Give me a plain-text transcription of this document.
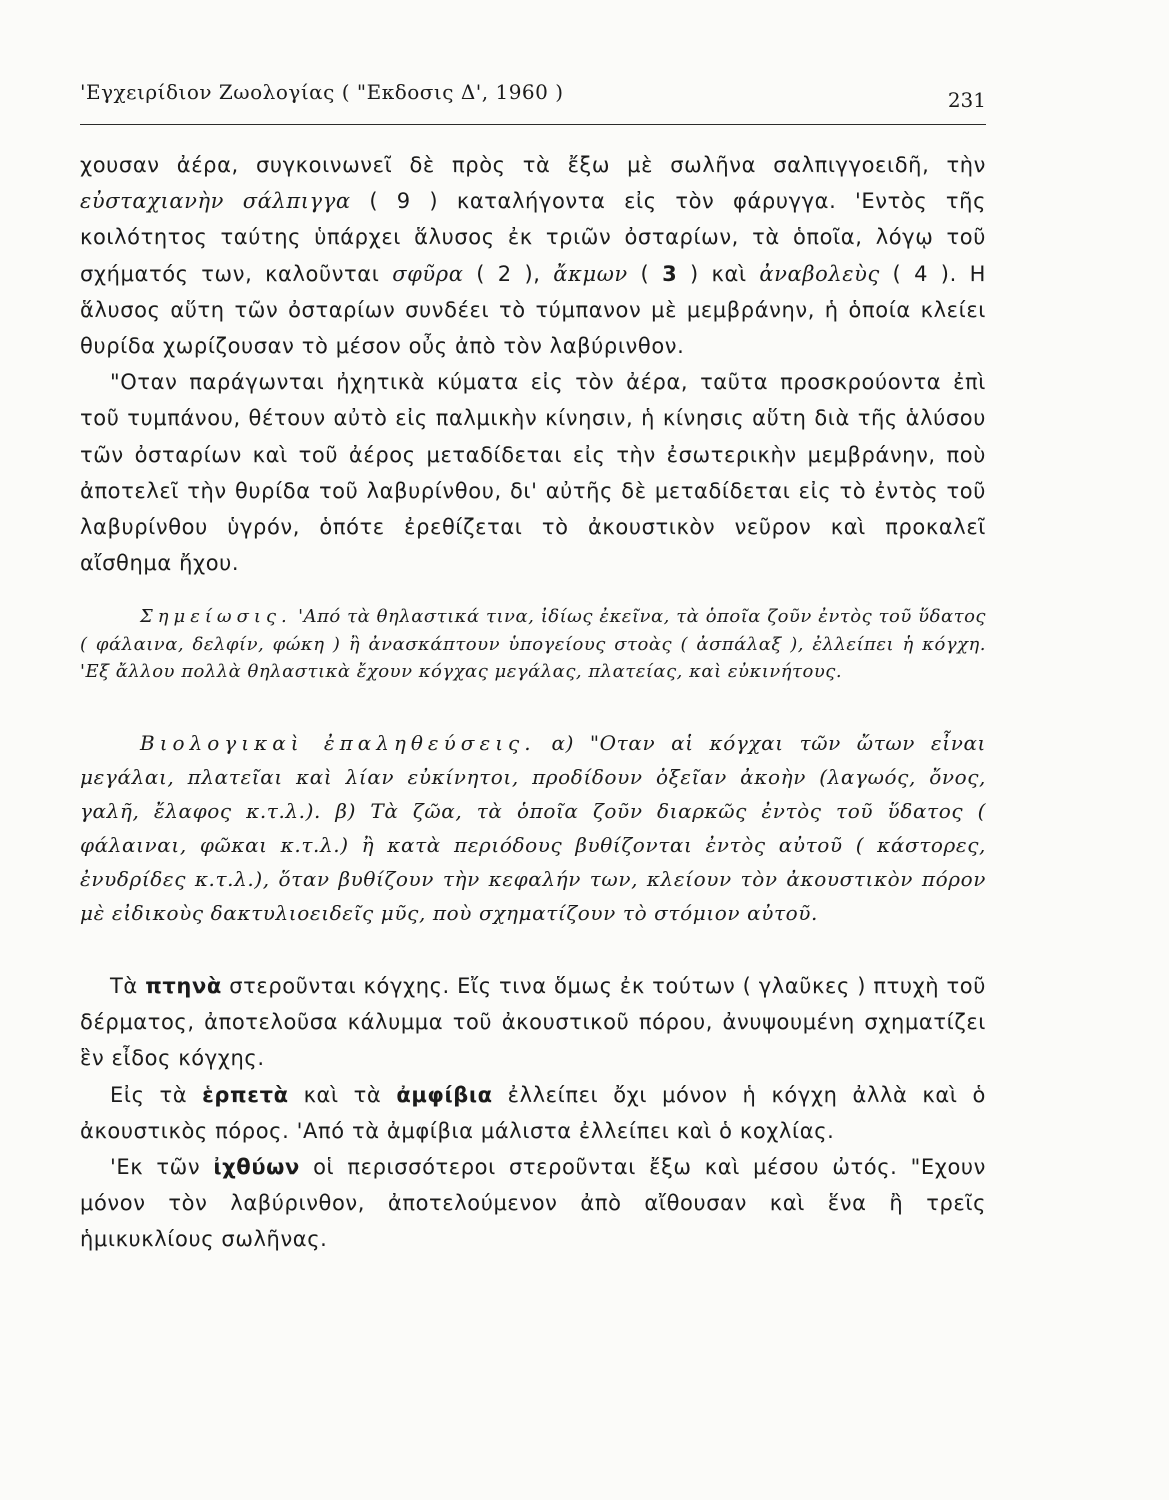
'Εγχειρίδιον Ζωολογίας ( "Εκδοσις Δ', 1960 )	231

χουσαν ἀέρα, συγκοινωνεῖ δὲ πρὸς τὰ ἔξω μὲ σωλῆνα σαλπιγγοειδῆ, τὴν εὐσταχιανὴν σάλπιγγα ( 9 ) καταλήγοντα εἰς τὸν φάρυγγα. 'Εντὸς τῆς κοιλότητος ταύτης ὑπάρχει ἅλυσος ἐκ τριῶν ὀσταρίων, τὰ ὁποῖα, λόγῳ τοῦ σχήματός των, καλοῦνται σφῦρα ( 2 ), ἄκμων ( 3 ) καὶ ἀναβολεὺς ( 4 ). Η ἅλυσος αὕτη τῶν ὀσταρίων συνδέει τὸ τύμπανον μὲ μεμβράνην, ἡ ὁποία κλείει θυρίδα χωρίζουσαν τὸ μέσον οὖς ἀπὸ τὸν λαβύρινθον.

"Οταν παράγωνται ἠχητικὰ κύματα εἰς τὸν ἀέρα, ταῦτα προσκρούοντα ἐπὶ τοῦ τυμπάνου, θέτουν αὐτὸ εἰς παλμικὴν κίνησιν, ἡ κίνησις αὕτη διὰ τῆς ἁλύσου τῶν ὀσταρίων καὶ τοῦ ἀέρος μεταδίδεται εἰς τὴν ἐσωτερικὴν μεμβράνην, ποὺ ἀποτελεῖ τὴν θυρίδα τοῦ λαβυρίνθου, δι' αὐτῆς δὲ μεταδίδεται εἰς τὸ ἐντὸς τοῦ λαβυρίνθου ὑγρόν, ὁπότε ἐρεθίζεται τὸ ἀκουστικὸν νεῦρον καὶ προκαλεῖ αἴσθημα ἤχου.

Σημείωσις. 'Από τὰ θηλαστικά τινα, ἰδίως ἐκεῖνα, τὰ ὁποῖα ζοῦν ἐντὸς τοῦ ὕδατος ( φάλαινα, δελφίν, φώκη ) ἢ ἀνασκάπτουν ὑπογείους στοὰς ( ἀσπάλαξ ), ἐλλείπει ἡ κόγχη. 'Εξ ἄλλου πολλὰ θηλαστικὰ ἔχουν κόγχας μεγάλας, πλατείας, καὶ εὐκινήτους.

Βιολογικαὶ ἐπαληθεύσεις. α) "Οταν αἱ κόγχαι τῶν ὤτων εἶναι μεγάλαι, πλατεῖαι καὶ λίαν εὐκίνητοι, προδίδουν ὀξεῖαν ἀκοὴν (λαγωός, ὄνος, γαλῆ, ἔλαφος κ.τ.λ.). β) Τὰ ζῶα, τὰ ὁποῖα ζοῦν διαρκῶς ἐντὸς τοῦ ὕδατος ( φάλαιναι, φῶκαι κ.τ.λ.) ἢ κατὰ περιόδους βυθίζονται ἐντὸς αὐτοῦ ( κάστορες, ἐνυδρίδες κ.τ.λ.), ὅταν βυθίζουν τὴν κεφαλήν των, κλείουν τὸν ἀκουστικὸν πόρον μὲ εἰδικοὺς δακτυλιοειδεῖς μῦς, ποὺ σχηματίζουν τὸ στόμιον αὐτοῦ.

Τὰ πτηνὰ στεροῦνται κόγχης. Εἴς τινα ὅμως ἐκ τούτων ( γλαῦκες ) πτυχὴ τοῦ δέρματος, ἀποτελοῦσα κάλυμμα τοῦ ἀκουστικοῦ πόρου, ἀνυψουμένη σχηματίζει ἓν εἶδος κόγχης.

Εἰς τὰ ἑρπετὰ καὶ τὰ ἀμφίβια ἐλλείπει ὄχι μόνον ἡ κόγχη ἀλλὰ καὶ ὁ ἀκουστικὸς πόρος. 'Από τὰ ἀμφίβια μάλιστα ἐλλείπει καὶ ὁ κοχλίας.

'Εκ τῶν ἰχθύων οἱ περισσότεροι στεροῦνται ἔξω καὶ μέσου ὠτός. "Εχουν μόνον τὸν λαβύρινθον, ἀποτελούμενον ἀπὸ αἴθουσαν καὶ ἕνα ἢ τρεῖς ἡμικυκλίους σωλῆνας.
